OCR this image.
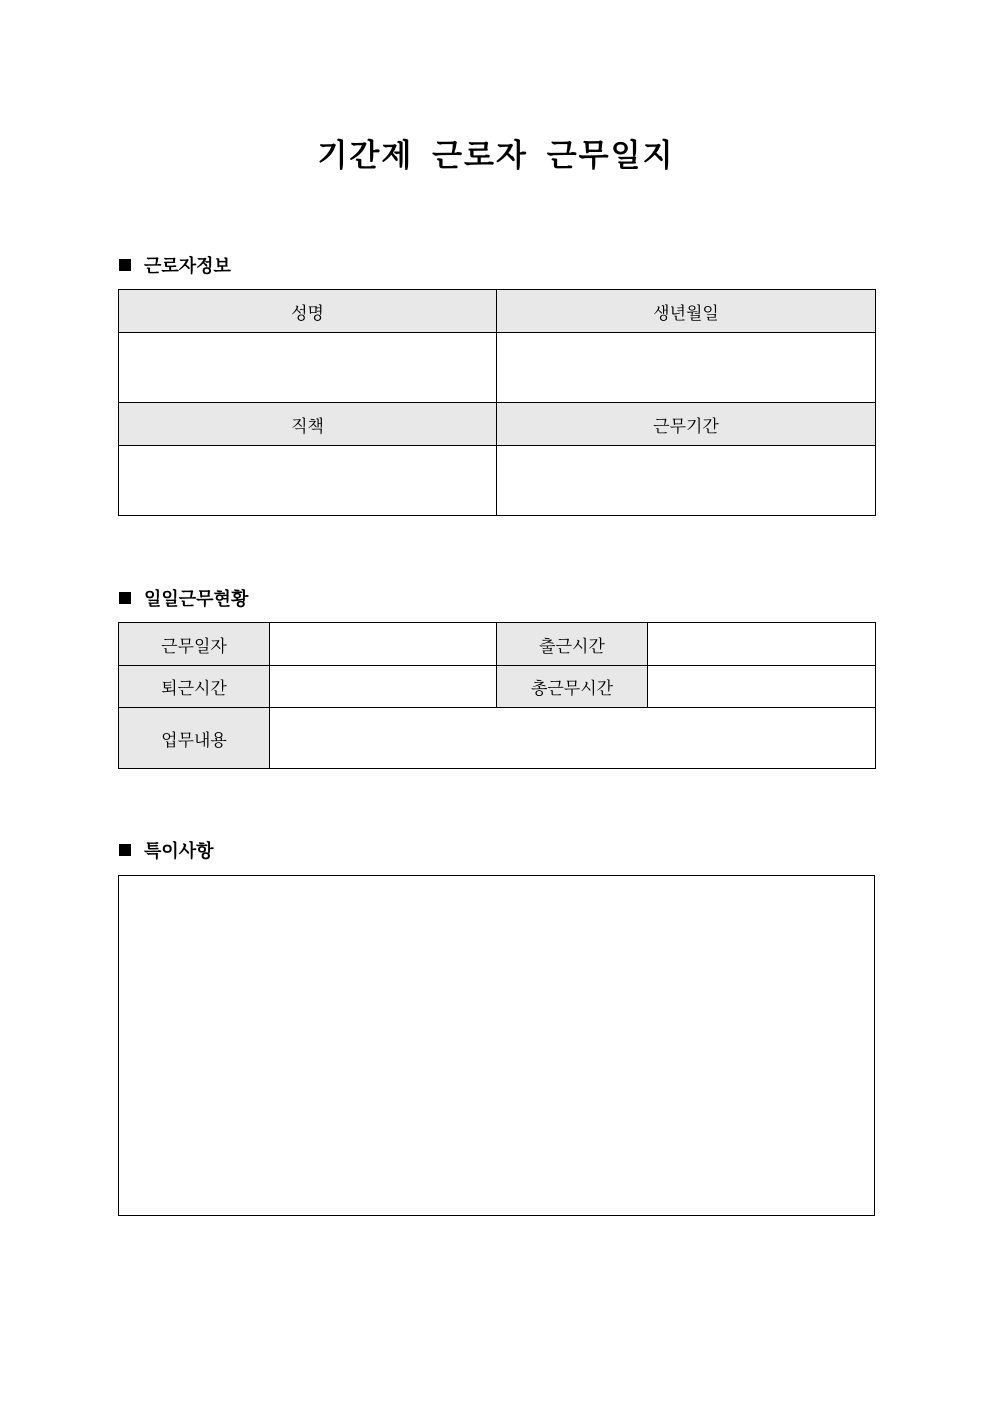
기간제 근로자 근무일지
근로자정보
성명	생년월일

직책	근무기간

일일근무현황
근무일자		출근시간	
퇴근시간		총근무시간	
업무내용			
특이사항
